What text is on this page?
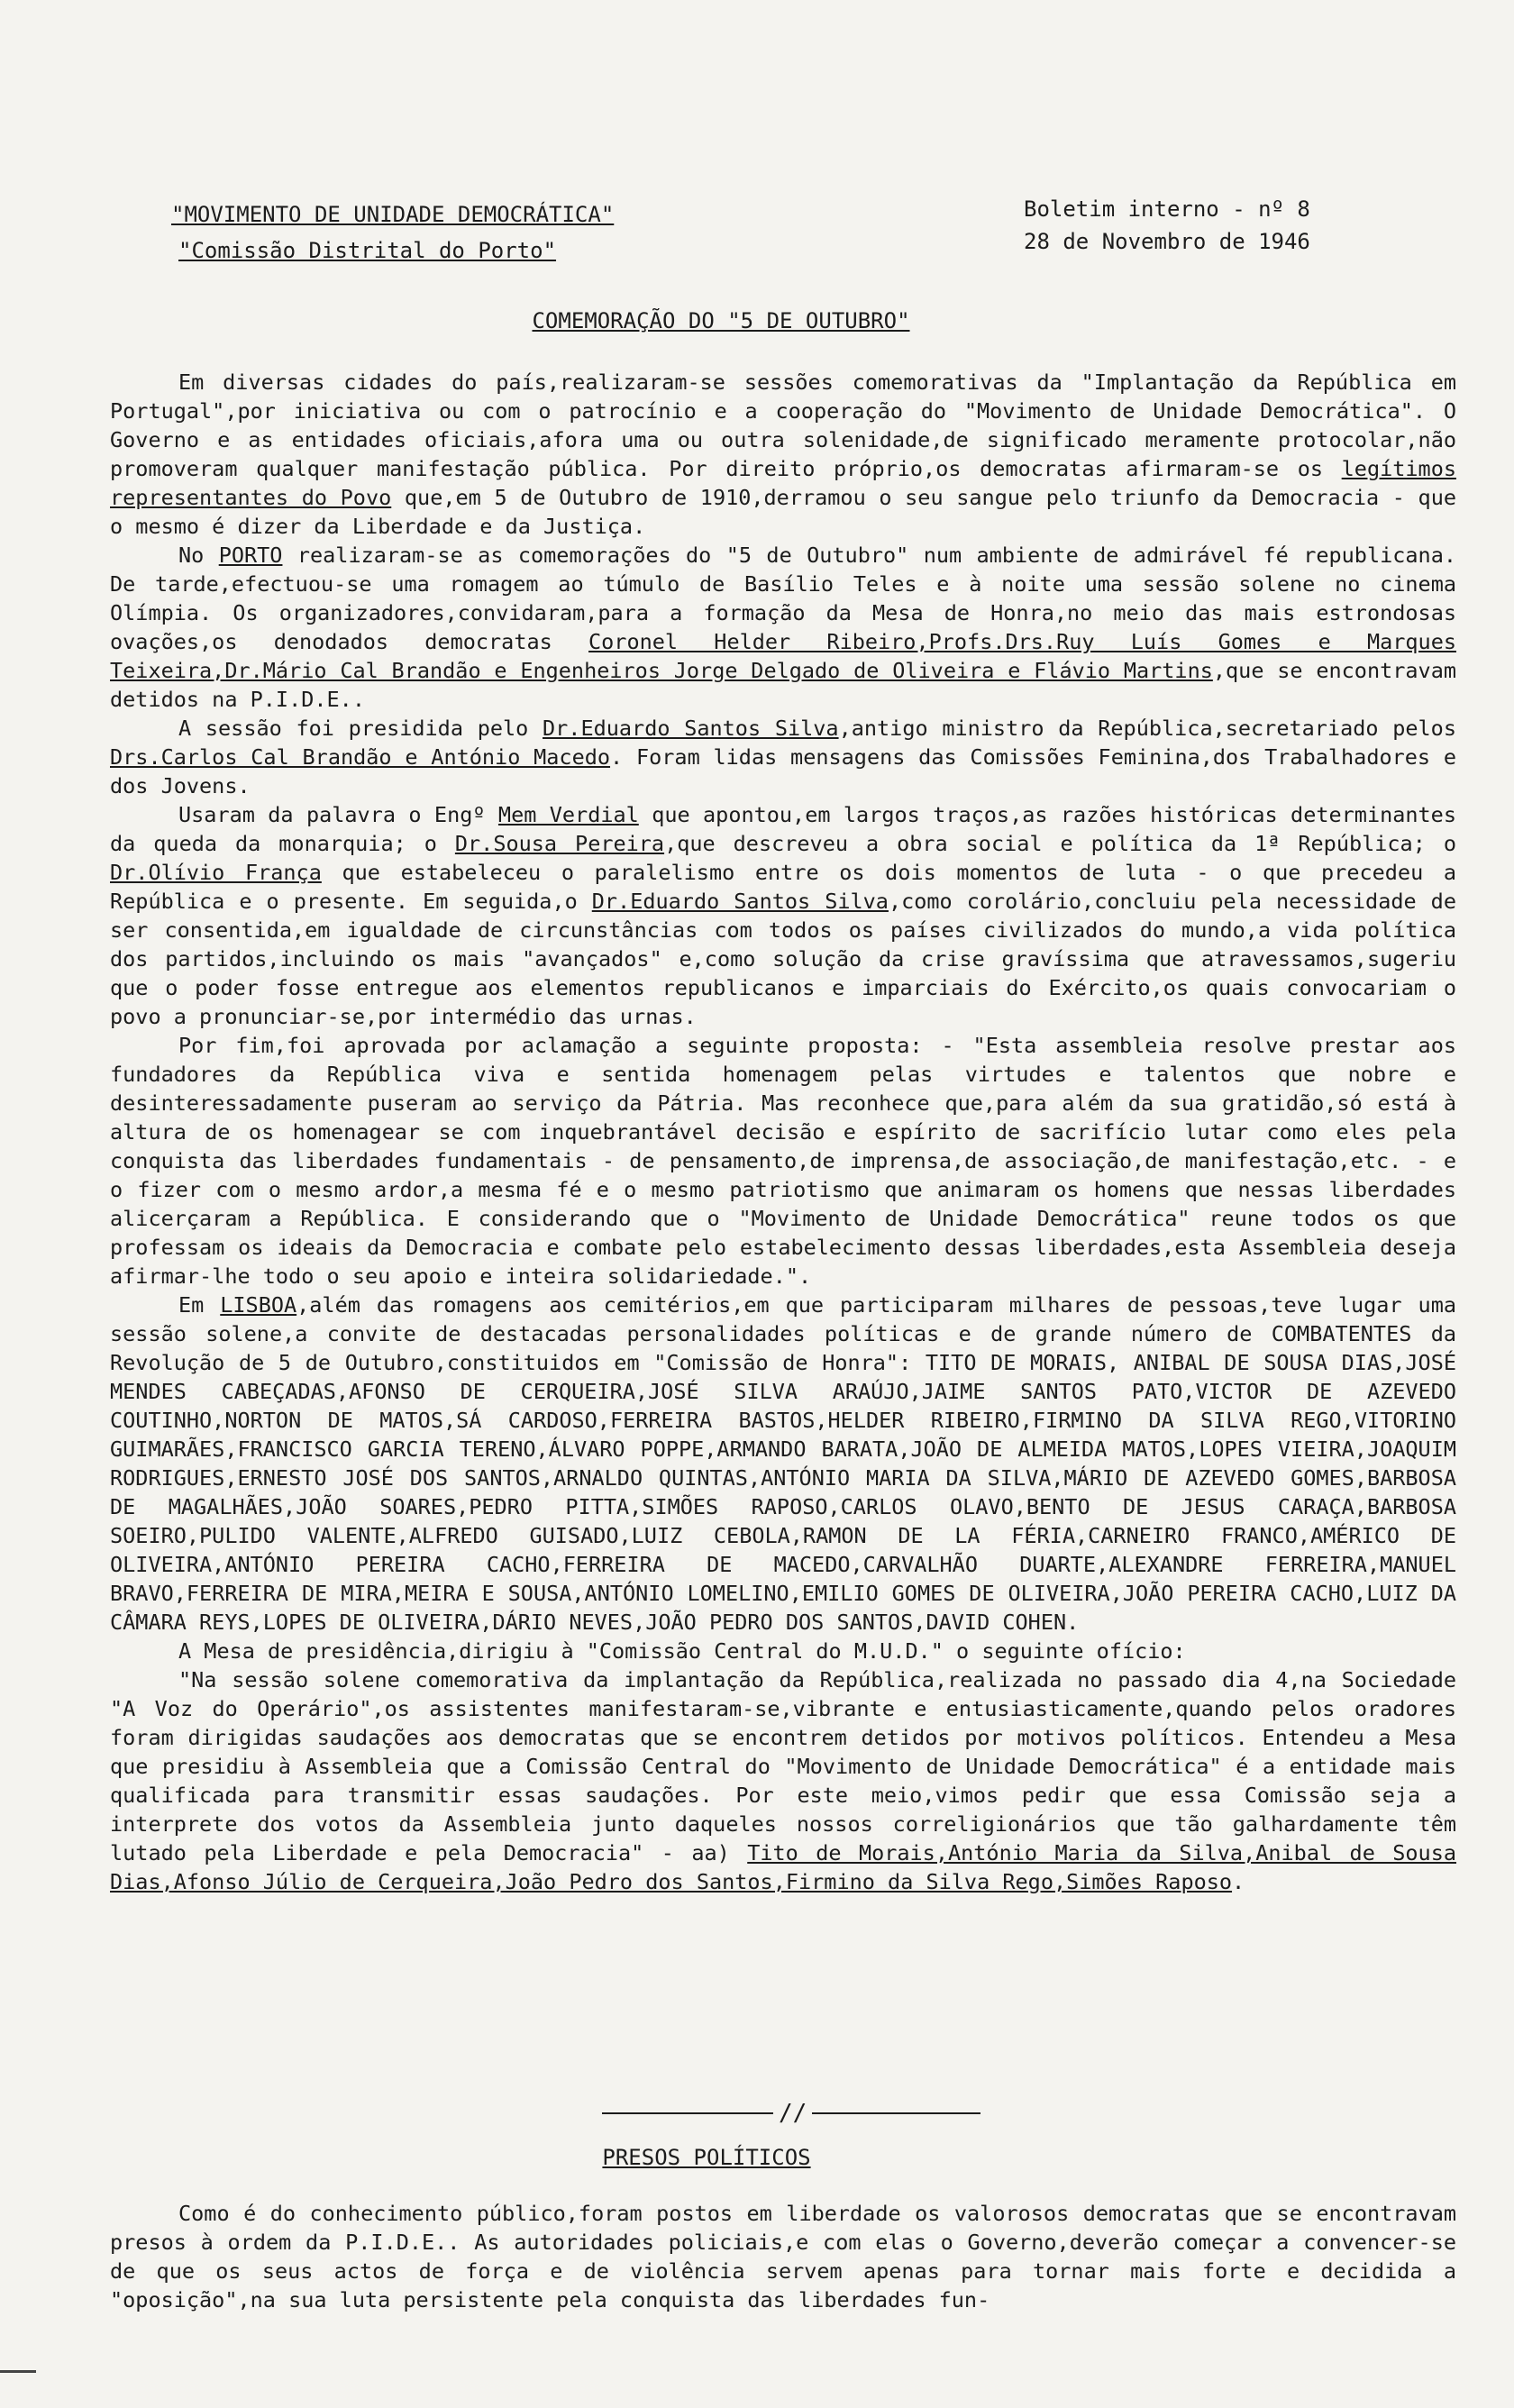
"MOVIMENTO DE UNIDADE DEMOCRÁTICA"
"Comissão Distrital do Porto"
Boletim interno - nº 8
28 de Novembro de 1946
COMEMORAÇÃO DO "5 DE OUTUBRO"

Em diversas cidades do país,realizaram-se sessões comemorativas da "Implantação da República em Portugal",por iniciativa ou com o patrocínio e a cooperação do "Movimento de Unidade Democrática". O Governo e as entidades oficiais,afora uma ou outra solenidade,de significado meramente protocolar,não promoveram qualquer manifestação pública. Por direito próprio,os democratas afirmaram-se os legítimos representantes do Povo que,em 5 de Outubro de 1910,derramou o seu sangue pelo triunfo da Democracia - que o mesmo é dizer da Liberdade e da Justiça.

No PORTO realizaram-se as comemorações do "5 de Outubro" num ambiente de admirável fé republicana. De tarde,efectuou-se uma romagem ao túmulo de Basílio Teles e à noite uma sessão solene no cinema Olímpia. Os organizadores,convidaram,para a formação da Mesa de Honra,no meio das mais estrondosas ovações,os denodados democratas Coronel Helder Ribeiro,Profs.Drs.Ruy Luís Gomes e Marques Teixeira,Dr.Mário Cal Brandão e Engenheiros Jorge Delgado de Oliveira e Flávio Martins,que se encontravam detidos na P.I.D.E..

A sessão foi presidida pelo Dr.Eduardo Santos Silva,antigo ministro da República,secretariado pelos Drs.Carlos Cal Brandão e António Macedo. Foram lidas mensagens das Comissões Feminina,dos Trabalhadores e dos Jovens.

Usaram da palavra o Engº Mem Verdial que apontou,em largos traços,as razões históricas determinantes da queda da monarquia; o Dr.Sousa Pereira,que descreveu a obra social e política da 1ª República; o Dr.Olívio França que estabeleceu o paralelismo entre os dois momentos de luta - o que precedeu a República e o presente. Em seguida,o Dr.Eduardo Santos Silva,como corolário,concluiu pela necessidade de ser consentida,em igualdade de circunstâncias com todos os países civilizados do mundo,a vida política dos partidos,incluindo os mais "avançados" e,como solução da crise gravíssima que atravessamos,sugeriu que o poder fosse entregue aos elementos republicanos e imparciais do Exército,os quais convocariam o povo a pronunciar-se,por intermédio das urnas.

Por fim,foi aprovada por aclamação a seguinte proposta: - "Esta assembleia resolve prestar aos fundadores da República viva e sentida homenagem pelas virtudes e talentos que nobre e desinteressadamente puseram ao serviço da Pátria. Mas reconhece que,para além da sua gratidão,só está à altura de os homenagear se com inquebrantável decisão e espírito de sacrifício lutar como eles pela conquista das liberdades fundamentais - de pensamento,de imprensa,de associação,de manifestação,etc. - e o fizer com o mesmo ardor,a mesma fé e o mesmo patriotismo que animaram os homens que nessas liberdades alicerçaram a República. E considerando que o "Movimento de Unidade Democrática" reune todos os que professam os ideais da Democracia e combate pelo estabelecimento dessas liberdades,esta Assembleia deseja afirmar-lhe todo o seu apoio e inteira solidariedade.".

Em LISBOA,além das romagens aos cemitérios,em que participaram milhares de pessoas,teve lugar uma sessão solene,a convite de destacadas personalidades políticas e de grande número de COMBATENTES da Revolução de 5 de Outubro,constituidos em "Comissão de Honra": TITO DE MORAIS, ANIBAL DE SOUSA DIAS,JOSÉ MENDES CABEÇADAS,AFONSO DE CERQUEIRA,JOSÉ SILVA ARAÚJO,JAIME SANTOS PATO,VICTOR DE AZEVEDO COUTINHO,NORTON DE MATOS,SÁ CARDOSO,FERREIRA BASTOS,HELDER RIBEIRO,FIRMINO DA SILVA REGO,VITORINO GUIMARÃES,FRANCISCO GARCIA TERENO,ÁLVARO POPPE,ARMANDO BARATA,JOÃO DE ALMEIDA MATOS,LOPES VIEIRA,JOAQUIM RODRIGUES,ERNESTO JOSÉ DOS SANTOS,ARNALDO QUINTAS,ANTÓNIO MARIA DA SILVA,MÁRIO DE AZEVEDO GOMES,BARBOSA DE MAGALHÃES,JOÃO SOARES,PEDRO PITTA,SIMÕES RAPOSO,CARLOS OLAVO,BENTO DE JESUS CARAÇA,BARBOSA SOEIRO,PULIDO VALENTE,ALFREDO GUISADO,LUIZ CEBOLA,RAMON DE LA FÉRIA,CARNEIRO FRANCO,AMÉRICO DE OLIVEIRA,ANTÓNIO PEREIRA CACHO,FERREIRA DE MACEDO,CARVALHÃO DUARTE,ALEXANDRE FERREIRA,MANUEL BRAVO,FERREIRA DE MIRA,MEIRA E SOUSA,ANTÓNIO LOMELINO,EMILIO GOMES DE OLIVEIRA,JOÃO PEREIRA CACHO,LUIZ DA CÂMARA REYS,LOPES DE OLIVEIRA,DÁRIO NEVES,JOÃO PEDRO DOS SANTOS,DAVID COHEN.

A Mesa de presidência,dirigiu à "Comissão Central do M.U.D." o seguinte ofício:

"Na sessão solene comemorativa da implantação da República,realizada no passado dia 4,na Sociedade "A Voz do Operário",os assistentes manifestaram-se,vibrante e entusiasticamente,quando pelos oradores foram dirigidas saudações aos democratas que se encontrem detidos por motivos políticos. Entendeu a Mesa que presidiu à Assembleia que a Comissão Central do "Movimento de Unidade Democrática" é a entidade mais qualificada para transmitir essas saudações. Por este meio,vimos pedir que essa Comissão seja a interprete dos votos da Assembleia junto daqueles nossos correligionários que tão galhardamente têm lutado pela Liberdade e pela Democracia" - aa) Tito de Morais,António Maria da Silva,Anibal de Sousa Dias,Afonso Júlio de Cerqueira,João Pedro dos Santos,Firmino da Silva Rego,Simões Raposo.

//
PRESOS POLÍTICOS

Como é do conhecimento público,foram postos em liberdade os valorosos democratas que se encontravam presos à ordem da P.I.D.E.. As autoridades policiais,e com elas o Governo,deverão começar a convencer-se de que os seus actos de força e de violência servem apenas para tornar mais forte e decidida a "oposição",na sua luta persistente pela conquista das liberdades fun-
